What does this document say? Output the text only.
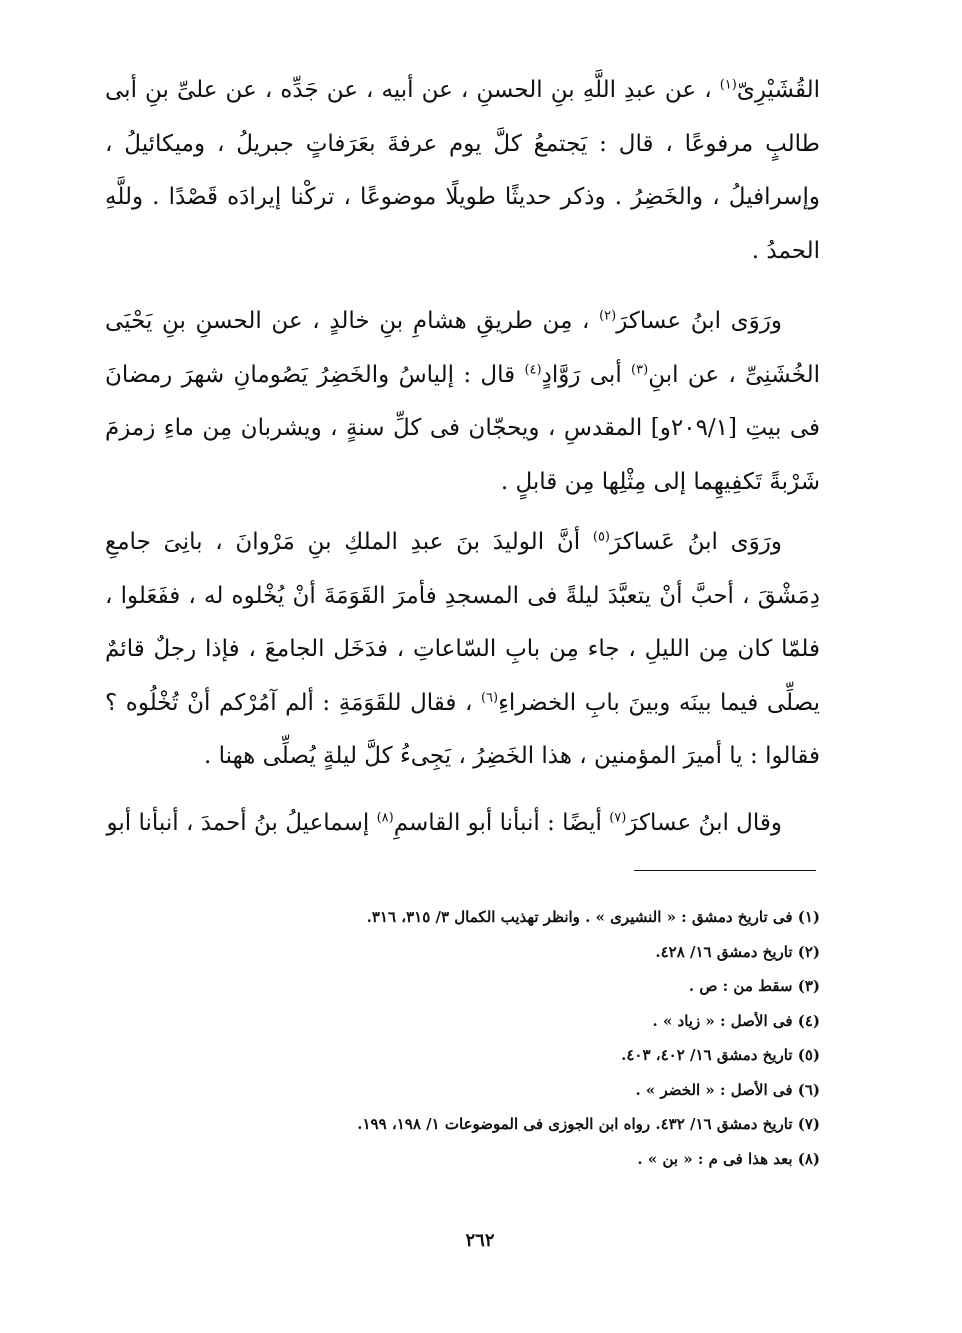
القُشَيْرِىّ$^{(١)}$ ، عن عبدِ اللَّهِ بنِ الحسنِ ، عن أبيه ، عن جَدِّه ، عن علىِّ بنِ أبى طالبٍ مرفوعًا ، قال : يَجتمعُ كلَّ يوم عرفةَ بعَرَفاتٍ جبريلُ ، وميكائيلُ ، وإسرافيلُ ، والخَضِرُ . وذكر حديثًا طويلًا موضوعًا ، تركْنا إيرادَه قَصْدًا . وللَّهِ الحمدُ .

ورَوَى ابنُ عساكرَ$^{(٢)}$ ، مِن طريقِ هشامِ بنِ خالدٍ ، عن الحسنِ بنِ يَحْيَى الخُشَنِىِّ ، عن ابنِ$^{(٣)}$ أبى رَوَّادٍ$^{(٤)}$ قال : إلياسُ والخَضِرُ يَصُومانِ شهرَ رمضانَ فى بيتِ [٢٠٩/١و] المقدسِ ، ويحجّان فى كلِّ سنةٍ ، ويشربان مِن ماءِ زمزمَ شَرْبةً تَكفِيهِما إلى مِثْلِها مِن قابلٍ .

ورَوَى ابنُ عَساكرَ$^{(٥)}$ أنَّ الوليدَ بنَ عبدِ الملكِ بنِ مَرْوانَ ، بانِىَ جامعِ دِمَشْقَ ، أحبَّ أنْ يتعبَّدَ ليلةً فى المسجدِ فأمرَ القَوَمَةَ أنْ يُخْلوه له ، ففَعَلوا ، فلمّا كان مِن الليلِ ، جاء مِن بابِ السّاعاتِ ، فدَخَل الجامعَ ، فإذا رجلٌ قائمٌ يصلِّى فيما بينَه وبينَ بابِ الخضراءِ$^{(٦)}$ ، فقال للقَوَمَةِ : ألم آمُرْكم أنْ تُخْلُوه ؟ فقالوا : يا أميرَ المؤمنين ، هذا الخَضِرُ ، يَجِىءُ كلَّ ليلةٍ يُصلِّى ههنا .

وقال ابنُ عساكرَ$^{(٧)}$ أيضًا : أنبأنا أبو القاسمِ$^{(٨)}$ إسماعيلُ بنُ أحمدَ ، أنبأنا أبو

(١) فى تاريخ دمشق : « النشيرى » . وانظر تهذيب الكمال ٣/ ٣١٥، ٣١٦.
(٢) تاريخ دمشق ١٦/ ٤٢٨.
(٣) سقط من : ص .
(٤) فى الأصل : « زياد » .
(٥) تاريخ دمشق ١٦/ ٤٠٢، ٤٠٣.
(٦) فى الأصل : « الخضر » .
(٧) تاريخ دمشق ١٦/ ٤٣٢. رواه ابن الجوزى فى الموضوعات ١/ ١٩٨، ١٩٩.
(٨) بعد هذا فى م : « بن » .
٢٦٢
